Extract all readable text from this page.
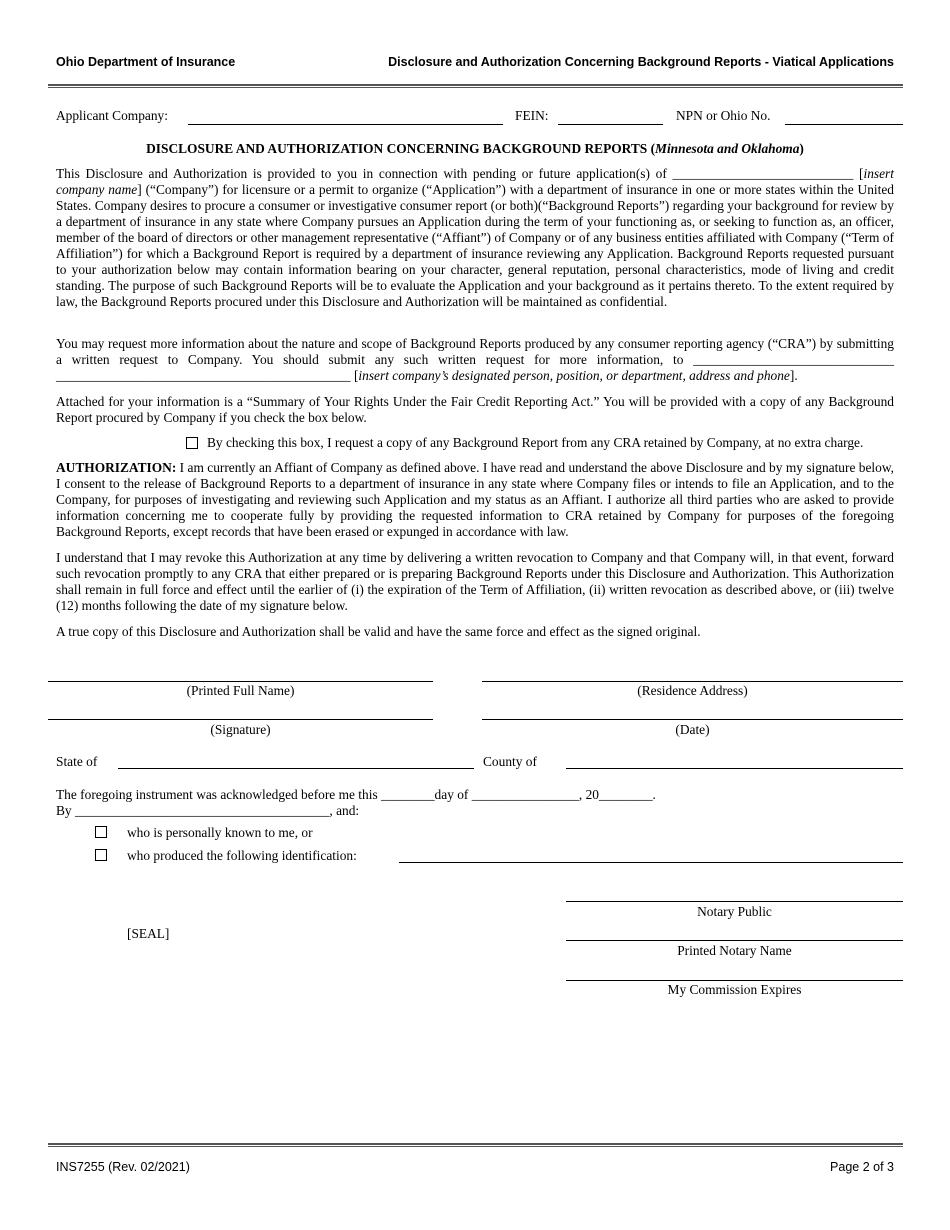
Ohio Department of Insurance	Disclosure and Authorization Concerning Background Reports - Viatical Applications
Applicant Company:	FEIN:	NPN or Ohio No.
DISCLOSURE AND AUTHORIZATION CONCERNING BACKGROUND REPORTS (Minnesota and Oklahoma)

This Disclosure and Authorization is provided to you in connection with pending or future application(s) of ___________________________ [insert company name] (“Company”) for licensure or a permit to organize (“Application”) with a department of insurance in one or more states within the United States. Company desires to procure a consumer or investigative consumer report (or both)(“Background Reports”) regarding your background for review by a department of insurance in any state where Company pursues an Application during the term of your functioning as, or seeking to function as, an officer, member of the board of directors or other management representative (“Affiant”) of Company or of any business entities affiliated with Company (“Term of Affiliation”) for which a Background Report is required by a department of insurance reviewing any Application. Background Reports requested pursuant to your authorization below may contain information bearing on your character, general reputation, personal characteristics, mode of living and credit standing. The purpose of such Background Reports will be to evaluate the Application and your background as it pertains thereto. To the extent required by law, the Background Reports procured under this Disclosure and Authorization will be maintained as confidential.

You may request more information about the nature and scope of Background Reports produced by any consumer reporting agency (“CRA”) by submitting a written request to Company. You should submit any such written request for more information, to ______________________________ ____________________________________________ [insert company’s designated person, position, or department, address and phone].

Attached for your information is a “Summary of Your Rights Under the Fair Credit Reporting Act.” You will be provided with a copy of any Background Report procured by Company if you check the box below.
By checking this box, I request a copy of any Background Report from any CRA retained by Company, at no extra charge.

AUTHORIZATION: I am currently an Affiant of Company as defined above. I have read and understand the above Disclosure and by my signature below, I consent to the release of Background Reports to a department of insurance in any state where Company files or intends to file an Application, and to the Company, for purposes of investigating and reviewing such Application and my status as an Affiant. I authorize all third parties who are asked to provide information concerning me to cooperate fully by providing the requested information to CRA retained by Company for purposes of the foregoing Background Reports, except records that have been erased or expunged in accordance with law.

I understand that I may revoke this Authorization at any time by delivering a written revocation to Company and that Company will, in that event, forward such revocation promptly to any CRA that either prepared or is preparing Background Reports under this Disclosure and Authorization. This Authorization shall remain in full force and effect until the earlier of (i) the expiration of the Term of Affiliation, (ii) written revocation as described above, or (iii) twelve (12) months following the date of my signature below.
A true copy of this Disclosure and Authorization shall be valid and have the same force and effect as the signed original.
(Printed Full Name)	(Residence Address)
(Signature)	(Date)
State of	County of
The foregoing instrument was acknowledged before me this ________day of ________________, 20________.
By ______________________________________, and:
who is personally known to me, or
who produced the following identification:
Notary Public
[SEAL]
Printed Notary Name
My Commission Expires
INS7255 (Rev. 02/2021)	Page 2 of 3
